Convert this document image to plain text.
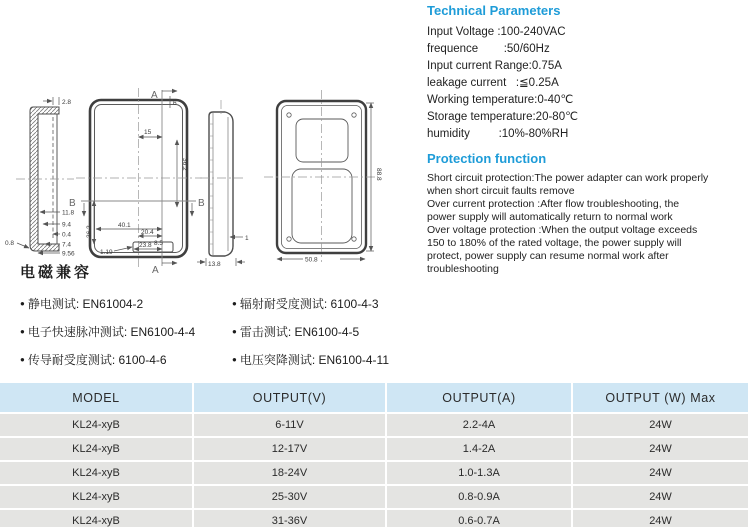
2.8
11.8
9.4
0.4
7.4
9.56
0.8
A
6
15
36.2
B	B
36.2	40.1
20.4
8.5
23.8
1.19
A
1
13.8
88.8
50.8
Technical Parameters
Input Voltage :100-240VAC
frequence        :50/60Hz
Input current Range:0.75A
leakage current   :≦0.25A
Working temperature:0-40℃
Storage temperature:20-80℃
humidity         :10%-80%RH
Protection function
Short circuit protection:The power adapter can work properly
when short circuit faults remove
Over current protection :After flow troubleshooting, the
power supply will automatically return to normal work
Over voltage protection :When the output voltage exceeds
150 to 180% of the rated voltage, the power supply will
protect, power supply can resume normal work after
troubleshooting
电磁兼容
● 静电测试: EN61004-2	● 辐射耐受度测试: 6100-4-3
● 电子快速脉冲测试: EN6100-4-4	● 雷击测试: EN6100-4-5
● 传导耐受度测试: 6100-4-6	● 电压突降测试: EN6100-4-11
MODEL	OUTPUT(V)	OUTPUT(A)	OUTPUT (W) Max
KL24-xyB	6-11V	2.2-4A	24W
KL24-xyB	12-17V	1.4-2A	24W
KL24-xyB	18-24V	1.0-1.3A	24W
KL24-xyB	25-30V	0.8-0.9A	24W
KL24-xyB	31-36V	0.6-0.7A	24W
